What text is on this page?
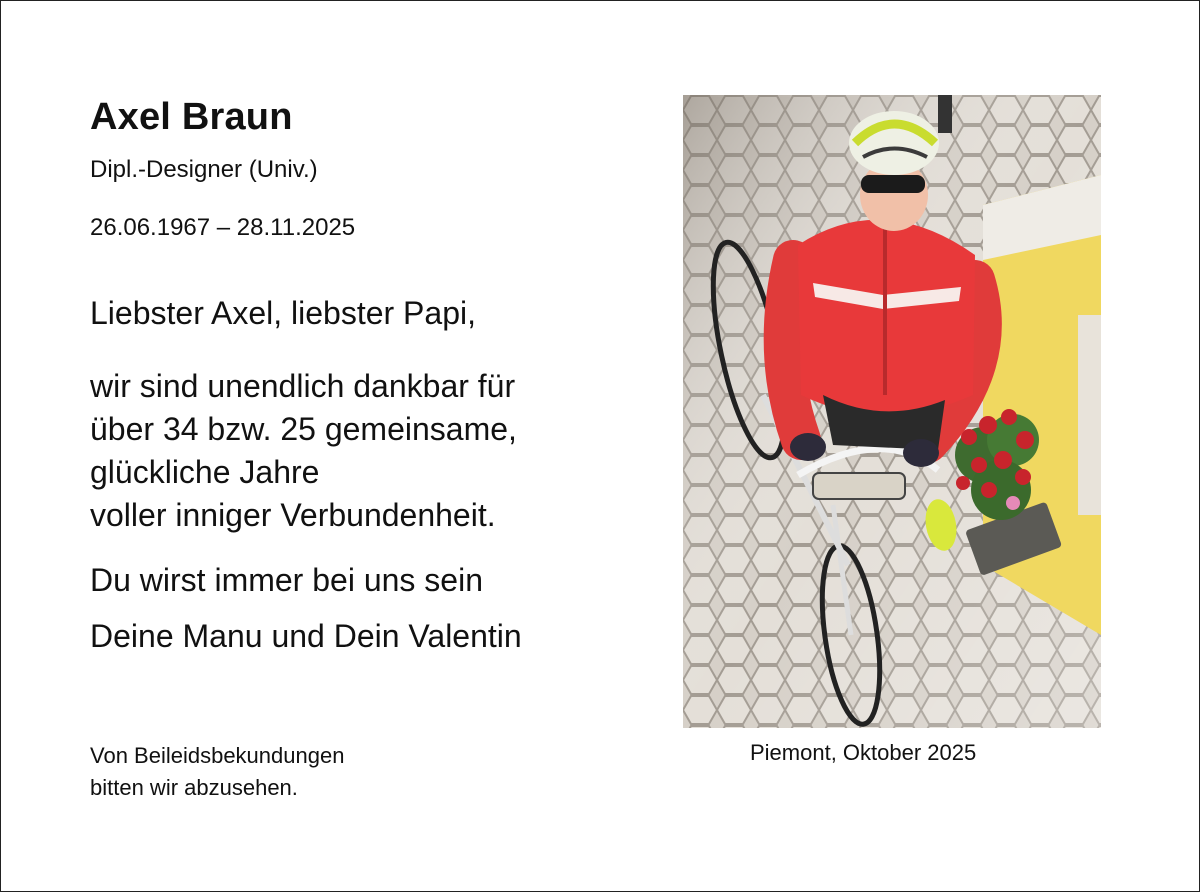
Axel Braun
Dipl.-Designer (Univ.)
26.06.1967 – 28.11.2025
Liebster Axel, liebster Papi,
wir sind unendlich dankbar für
über 34 bzw. 25 gemeinsame,
glückliche Jahre
voller inniger Verbundenheit.
Du wirst immer bei uns sein
Deine Manu und Dein Valentin
Von Beileidsbekundungen
bitten wir abzusehen.
Piemont, Oktober 2025
